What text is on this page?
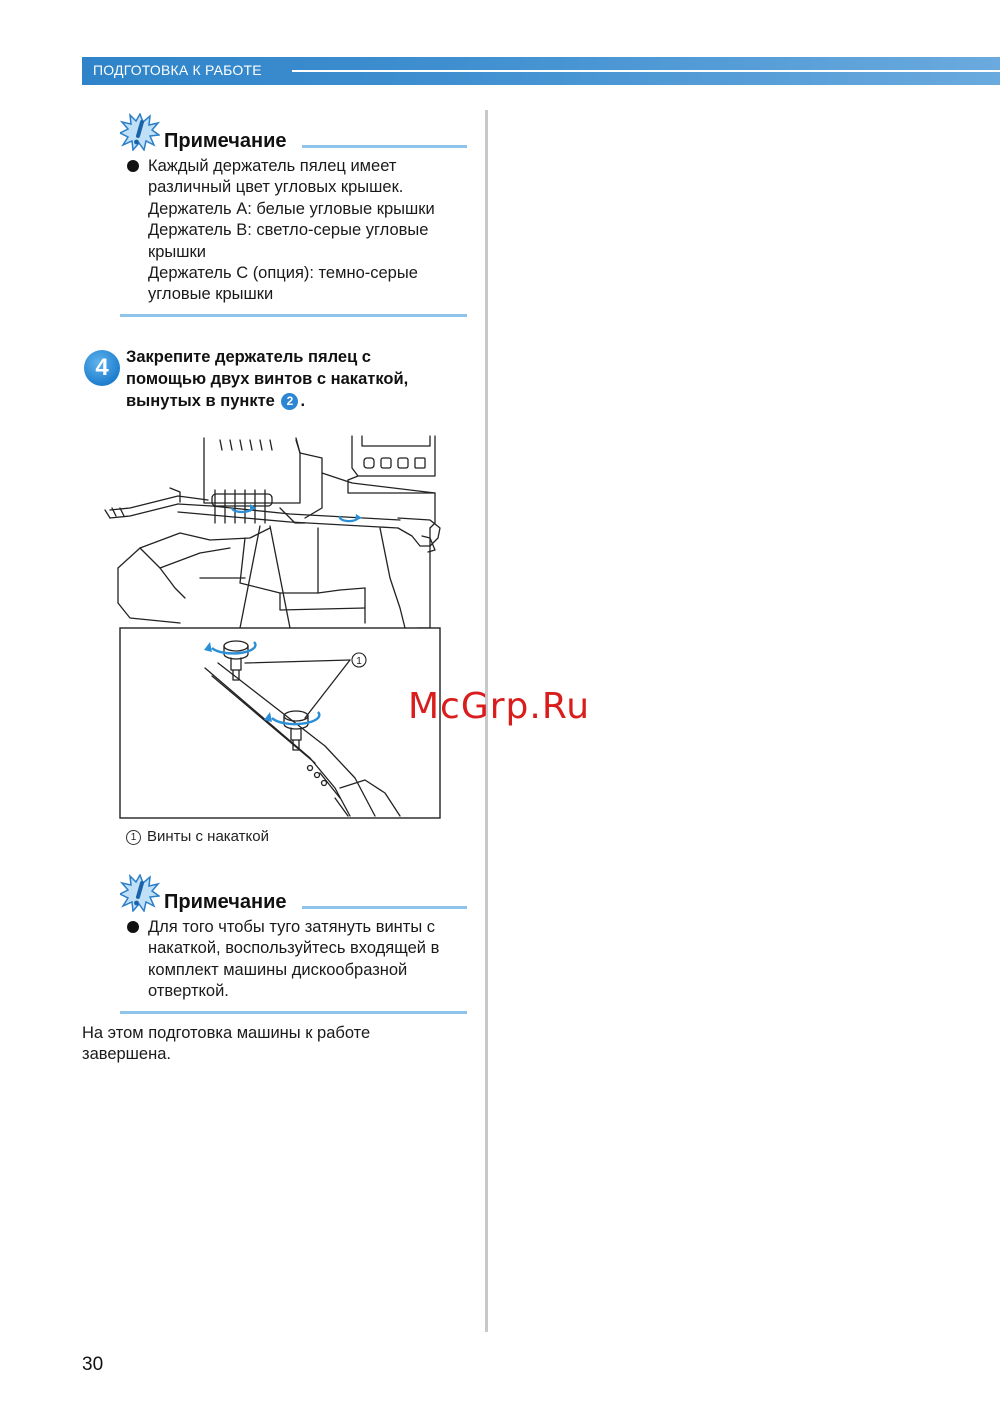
ПОДГОТОВКА К РАБОТЕ
Примечание
Каждый держатель пялец имеет
различный цвет угловых крышек.
Держатель A: белые угловые крышки
Держатель B: светло-серые угловые
крышки
Держатель C (опция): темно-серые
угловые крышки
4	Закрепите держатель пялец с
помощью двух винтов с накаткой,
вынутых в пункте 2 .
1
1 Винты с накаткой
Примечание
Для того чтобы туго затянуть винты с
накаткой, воспользуйтесь входящей в
комплект машины дискообразной
отверткой.
На этом подготовка машины к работе
завершена.
McGrp.Ru
30
